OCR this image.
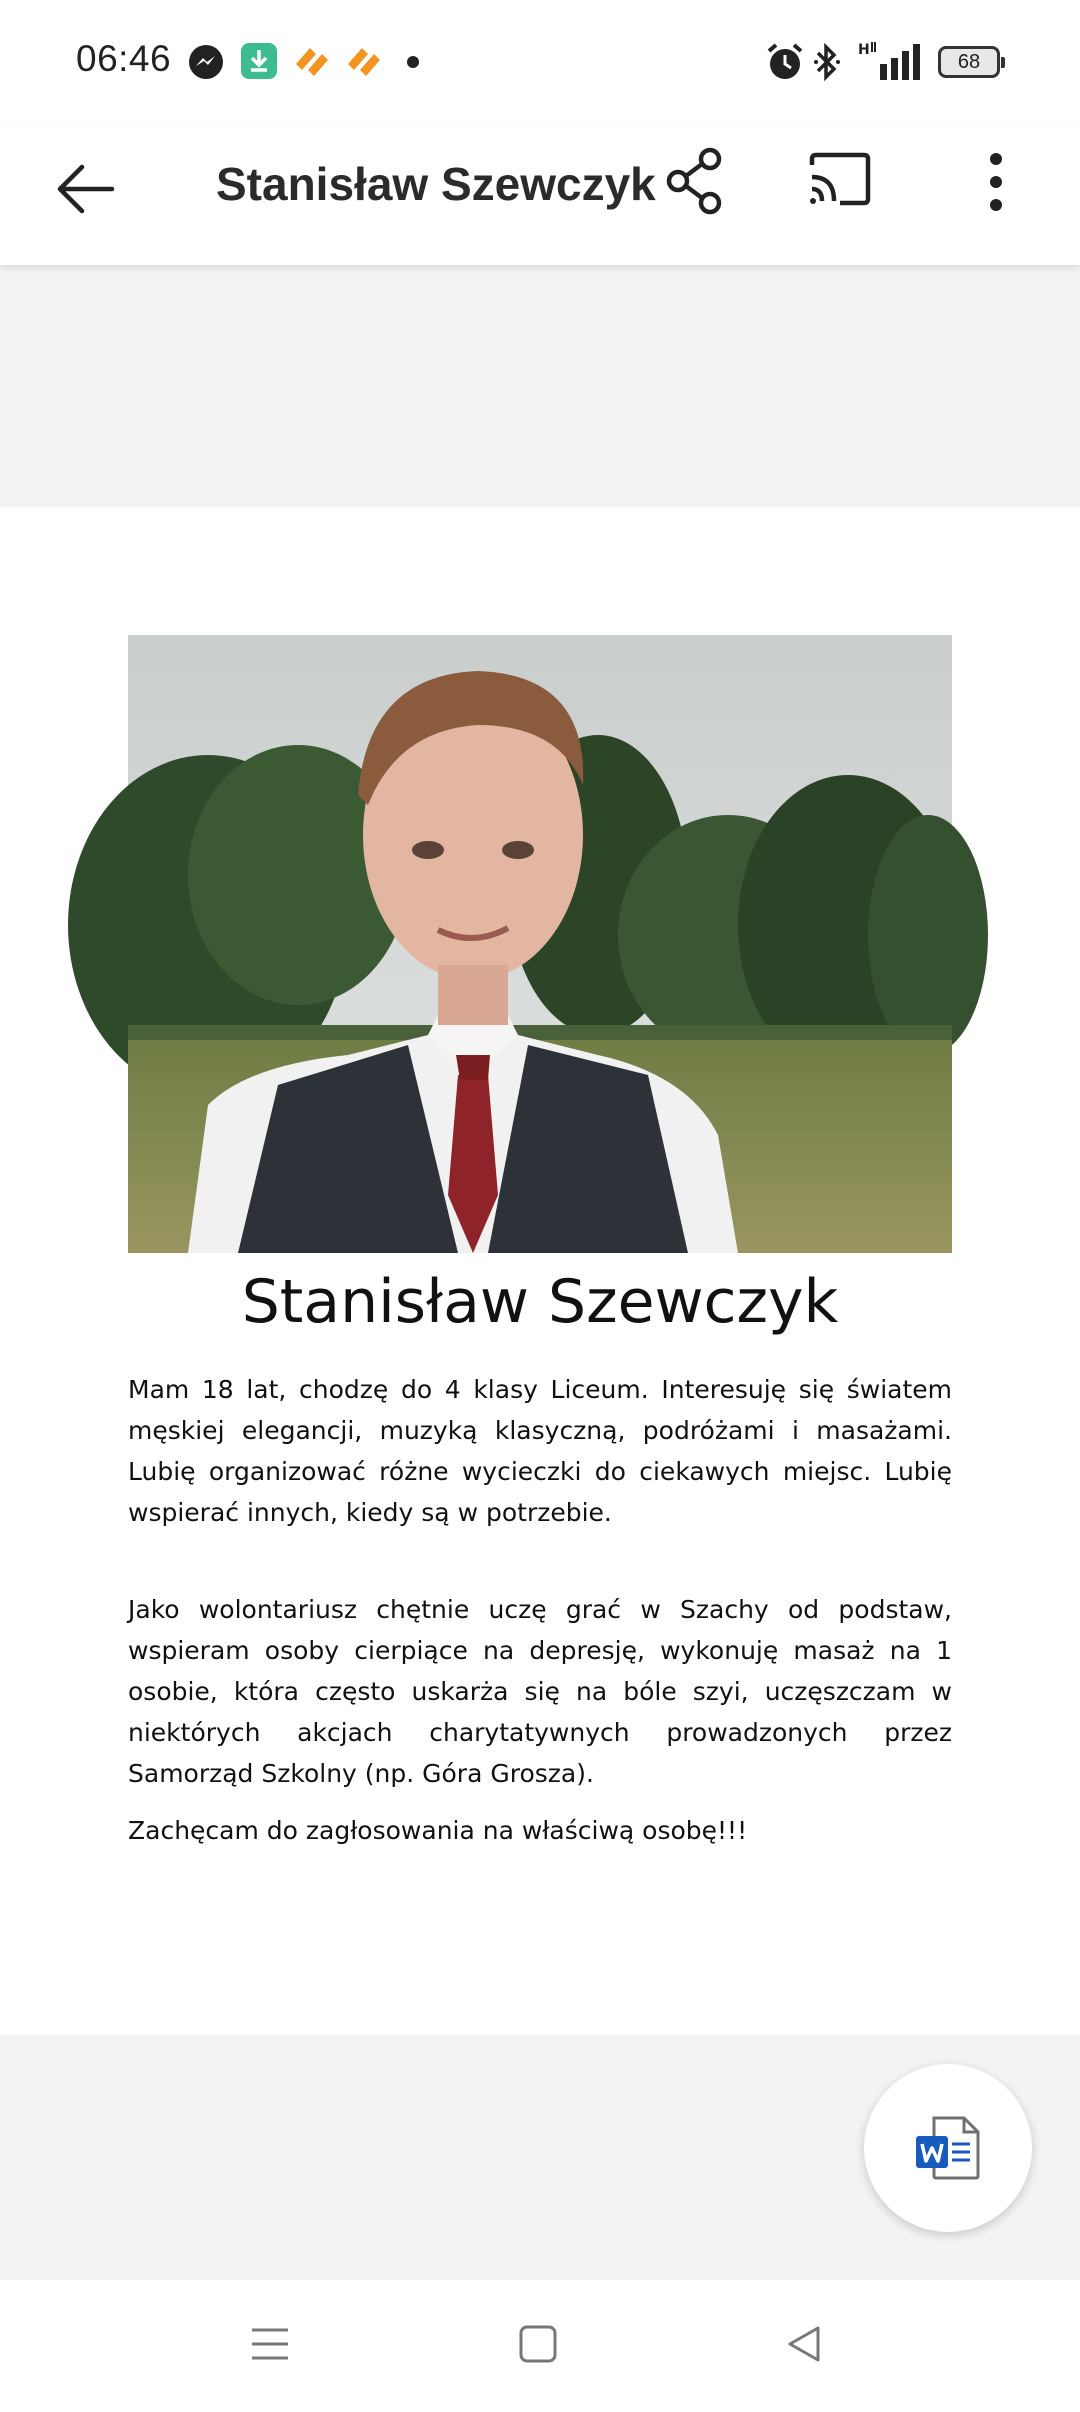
06:46	H
68
Stanisław Szewczyk
Stanisław Szewczyk

Mam 18 lat, chodzę do 4 klasy Liceum. Interesuję się światem męskiej elegancji, muzyką klasyczną, podróżami i masażami. Lubię organizować różne wycieczki do ciekawych miejsc. Lubię wspierać innych, kiedy są w potrzebie.

Jako wolontariusz chętnie uczę grać w Szachy od podstaw, wspieram osoby cierpiące na depresję, wykonuję masaż na 1 osobie, która często uskarża się na bóle szyi, uczęszczam w niektórych akcjach charytatywnych prowadzonych przez Samorząd Szkolny (np. Góra Grosza).

Zachęcam do zagłosowania na właściwą osobę!!!
